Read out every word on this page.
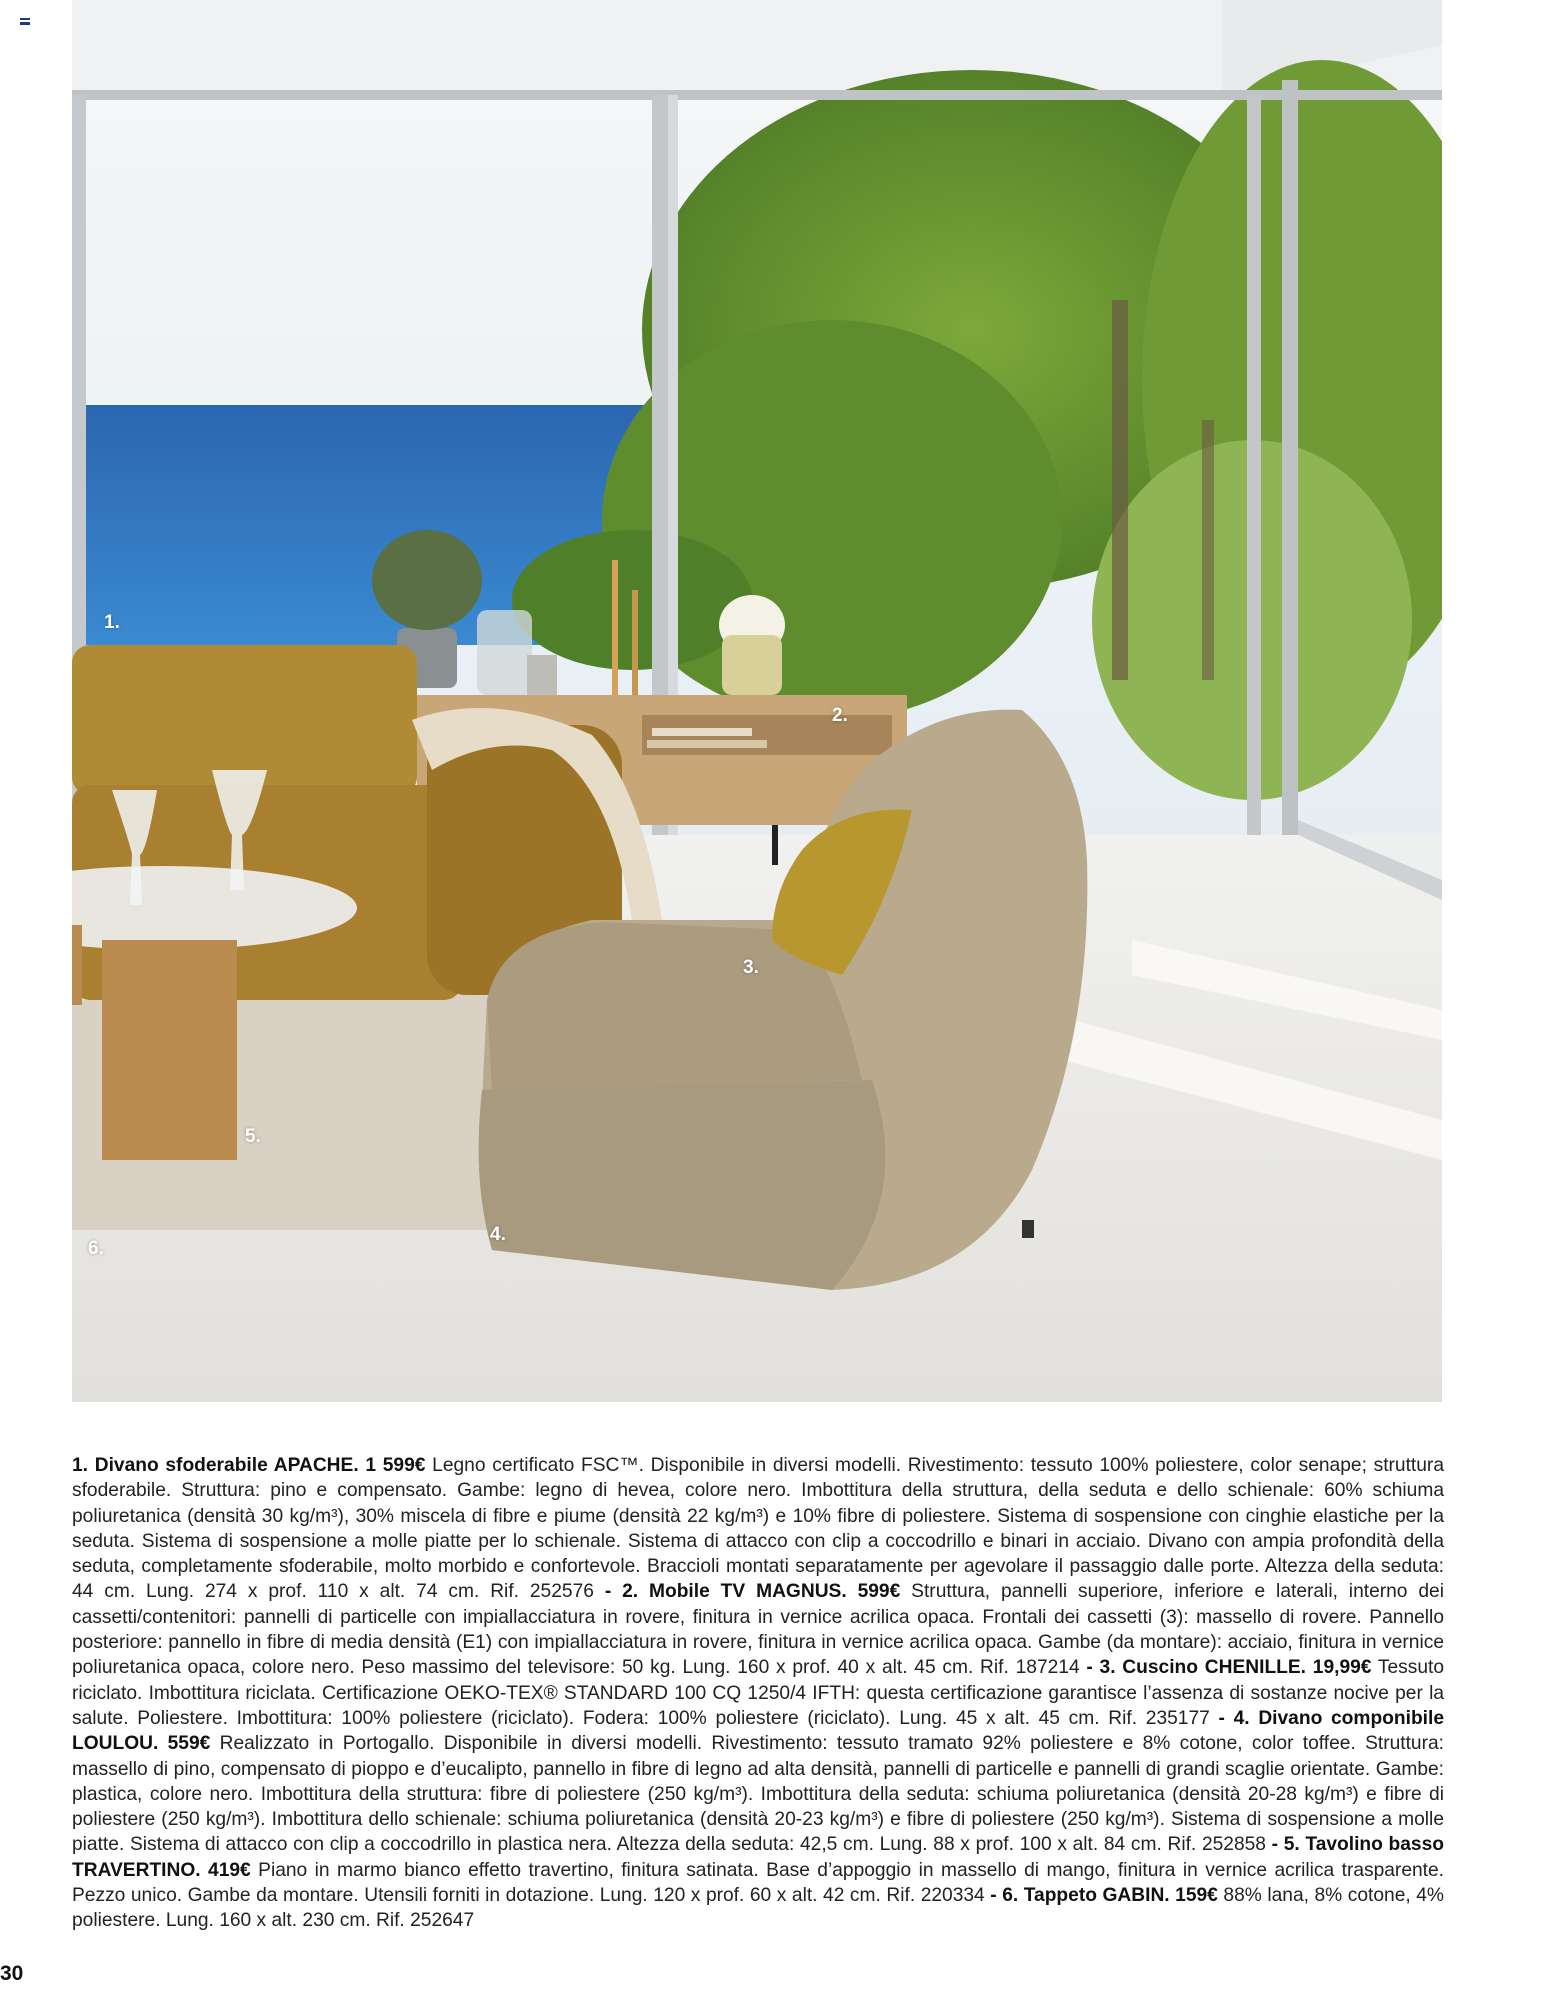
1.
2.
3.
4.
5.
6.
1. Divano sfoderabile APACHE. 1 599€ Legno certificato FSC™. Disponibile in diversi modelli. Rivestimento: tessuto 100% poliestere, color senape; struttura sfoderabile. Struttura: pino e compensato. Gambe: legno di hevea, colore nero. Imbottitura della struttura, della seduta e dello schienale: 60% schiuma poliuretanica (densità 30 kg/m³), 30% miscela di fibre e piume (densità 22 kg/m³) e 10% fibre di poliestere. Sistema di sospensione con cinghie elastiche per la seduta. Sistema di sospensione a molle piatte per lo schienale. Sistema di attacco con clip a coccodrillo e binari in acciaio. Divano con ampia profondità della seduta, completamente sfoderabile, molto morbido e confortevole. Braccioli montati separatamente per agevolare il passaggio dalle porte. Altezza della seduta: 44 cm. Lung. 274 x prof. 110 x alt. 74 cm. Rif. 252576 - 2. Mobile TV MAGNUS. 599€ Struttura, pannelli superiore, inferiore e laterali, interno dei cassetti/contenitori: pannelli di particelle con impiallacciatura in rovere, finitura in vernice acrilica opaca. Frontali dei cassetti (3): massello di rovere. Pannello posteriore: pannello in fibre di media densità (E1) con impiallacciatura in rovere, finitura in vernice acrilica opaca. Gambe (da montare): acciaio, finitura in vernice poliuretanica opaca, colore nero. Peso massimo del televisore: 50 kg. Lung. 160 x prof. 40 x alt. 45 cm. Rif. 187214 - 3. Cuscino CHENILLE. 19,99€ Tessuto riciclato. Imbottitura riciclata. Certificazione OEKO-TEX® STANDARD 100 CQ 1250/4 IFTH: questa certificazione garantisce l’assenza di sostanze nocive per la salute. Poliestere. Imbottitura: 100% poliestere (riciclato). Fodera: 100% poliestere (riciclato). Lung. 45 x alt. 45 cm. Rif. 235177 - 4. Divano componibile LOULOU. 559€ Realizzato in Portogallo. Disponibile in diversi modelli. Rivestimento: tessuto tramato 92% poliestere e 8% cotone, color toffee. Struttura: massello di pino, compensato di pioppo e d’eucalipto, pannello in fibre di legno ad alta densità, pannelli di particelle e pannelli di grandi scaglie orientate. Gambe: plastica, colore nero. Imbottitura della struttura: fibre di poliestere (250 kg/m³). Imbottitura della seduta: schiuma poliuretanica (densità 20-28 kg/m³) e fibre di poliestere (250 kg/m³). Imbottitura dello schienale: schiuma poliuretanica (densità 20-23 kg/m³) e fibre di poliestere (250 kg/m³). Sistema di sospensione a molle piatte. Sistema di attacco con clip a coccodrillo in plastica nera. Altezza della seduta: 42,5 cm. Lung. 88 x prof. 100 x alt. 84 cm. Rif. 252858 - 5. Tavolino basso TRAVERTINO. 419€ Piano in marmo bianco effetto travertino, finitura satinata. Base d’appoggio in massello di mango, finitura in vernice acrilica trasparente. Pezzo unico. Gambe da montare. Utensili forniti in dotazione. Lung. 120 x prof. 60 x alt. 42 cm. Rif. 220334 - 6. Tappeto GABIN. 159€ 88% lana, 8% cotone, 4% poliestere. Lung. 160 x alt. 230 cm. Rif. 252647
30
